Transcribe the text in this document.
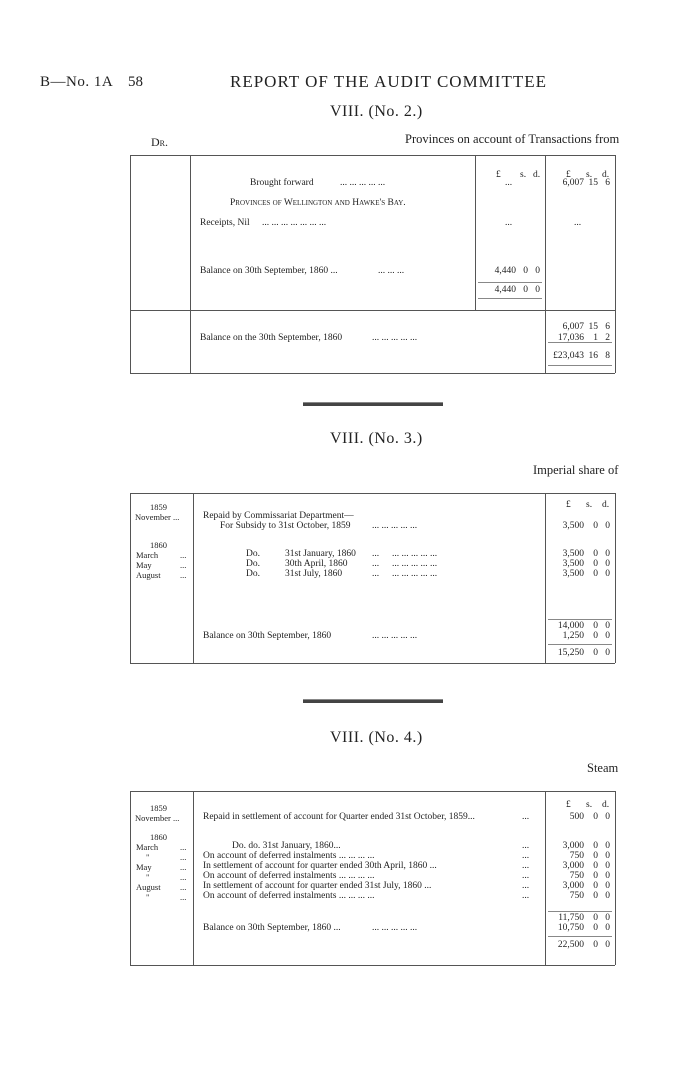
B—No. 1A 58	REPORT OF THE AUDIT COMMITTEE
VIII. (No. 2.)
Dr.	Provinces on account of Transactions from
£ s. d.	£ s. d.
Brought forward	... ... ... ... ...	...	6,007 15 6
Provinces of Wellington and Hawke's Bay.
Receipts, Nil ... ... ... ... ... ... ...	...	...
Balance on 30th September, 1860 ...	... ... ...	4,440 0 0
4,440 0 0
6,007 15 6
Balance on the 30th September, 1860	... ... ... ... ...	17,036 1 2
£23,043 16 8
VIII. (No. 3.)
Imperial share of
£ s. d.
1859
November ... Repaid by Commissariat Department—
For Subsidy to 31st October, 1859 ... ... ... ... ...	3,500 0 0
1860
March	...	Do.	31st January, 1860 ... ... ... ... ... ...	3,500 0 0
May	...	Do.	30th April, 1860	... ... ... ... ... ...	3,500 0 0
August ...	Do.	31st July, 1860	... ... ... ... ... ...	3,500 0 0
14,000 0 0
Balance on 30th September, 1860	... ... ... ... ...	1,250 0 0
15,250 0 0
VIII. (No. 4.)
Steam
£ s. d.
1859
November ... Repaid in settlement of account for Quarter ended 31st October, 1859...	...	500 0 0
1860
March	...	Do. do. 31st January, 1860...	...	3,000 0 0
"	... On account of deferred instalments ... ... ... ...	...	750 0 0
May	... In settlement of account for quarter ended 30th April, 1860 ...	...	3,000 0 0
"	... On account of deferred instalments ... ... ... ...	...	750 0 0
August ... In settlement of account for quarter ended 31st July, 1860 ...	...	3,000 0 0
"	... On account of deferred instalments ... ... ... ...	...	750 0 0
11,750 0 0
Balance on 30th September, 1860 ...	... ... ... ... ...	10,750 0 0
22,500 0 0
